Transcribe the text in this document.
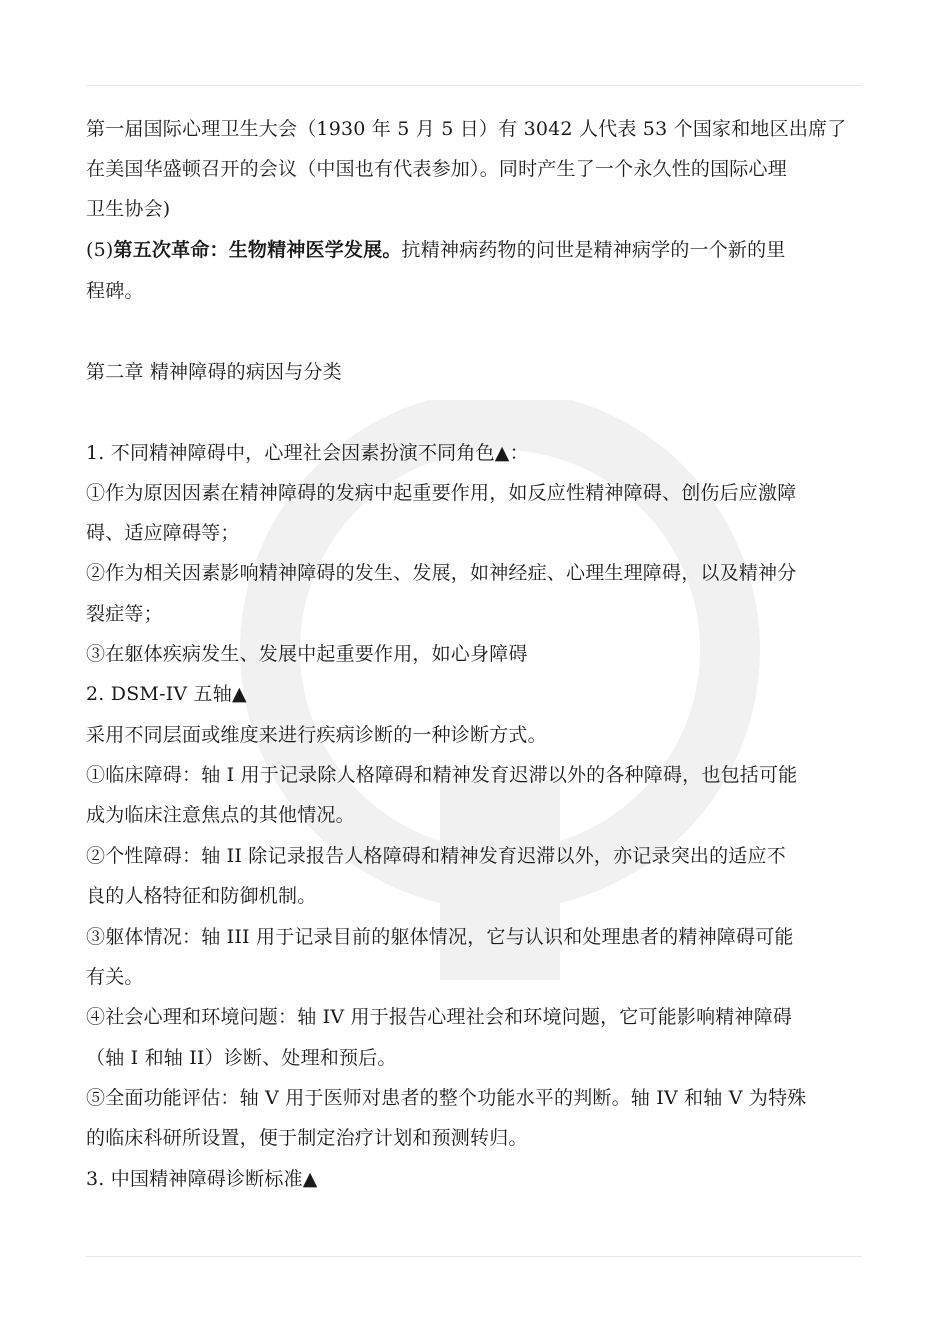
第一届国际心理卫生大会（1930 年 5 月 5 日）有 3042 人代表 53 个国家和地区出席了
在美国华盛顿召开的会议（中国也有代表参加）。同时产生了一个永久性的国际心理
卫生协会)
(5)第五次革命：生物精神医学发展。抗精神病药物的问世是精神病学的一个新的里
程碑。
第二章 精神障碍的病因与分类
1. 不同精神障碍中，心理社会因素扮演不同角色▲：
①作为原因因素在精神障碍的发病中起重要作用，如反应性精神障碍、创伤后应激障
碍、适应障碍等；
②作为相关因素影响精神障碍的发生、发展，如神经症、心理生理障碍，以及精神分
裂症等；
③在躯体疾病发生、发展中起重要作用，如心身障碍
2. DSM-IV 五轴▲
采用不同层面或维度来进行疾病诊断的一种诊断方式。
①临床障碍：轴 I 用于记录除人格障碍和精神发育迟滞以外的各种障碍，也包括可能
成为临床注意焦点的其他情况。
②个性障碍：轴 II 除记录报告人格障碍和精神发育迟滞以外，亦记录突出的适应不
良的人格特征和防御机制。
③躯体情况：轴 III 用于记录目前的躯体情况，它与认识和处理患者的精神障碍可能
有关。
④社会心理和环境问题：轴 IV 用于报告心理社会和环境问题，它可能影响精神障碍
（轴 I 和轴 II）诊断、处理和预后。
⑤全面功能评估：轴 V 用于医师对患者的整个功能水平的判断。轴 IV 和轴 V 为特殊
的临床科研所设置，便于制定治疗计划和预测转归。
3. 中国精神障碍诊断标准▲
